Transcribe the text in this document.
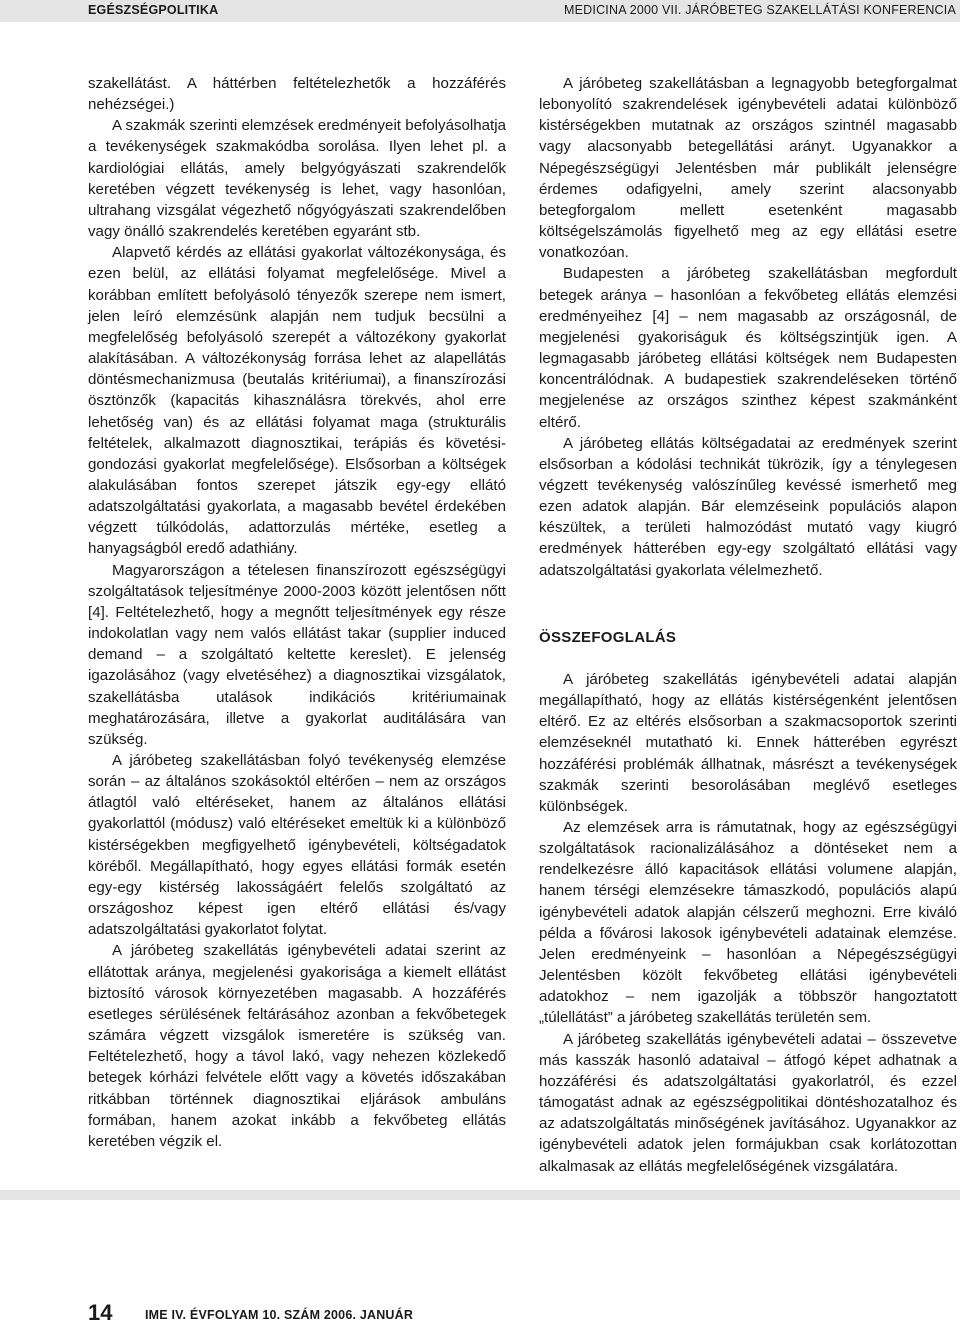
EGÉSZSÉGPOLITIKA	MEDICINA 2000 VII. JÁRÓBETEG SZAKELLÁTÁSI KONFERENCIA

szakellátást. A háttérben feltételezhetők a hozzáférés nehézségei.)

A szakmák szerinti elemzések eredményeit befolyásolhatja a tevékenységek szakmakódba sorolása. Ilyen lehet pl. a kardiológiai ellátás, amely belgyógyászati szakrendelők keretében végzett tevékenység is lehet, vagy hasonlóan, ultrahang vizsgálat végezhető nőgyógyászati szakrendelőben vagy önálló szakrendelés keretében egyaránt stb.

Alapvető kérdés az ellátási gyakorlat változékonysága, és ezen belül, az ellátási folyamat megfelelősége. Mivel a korábban említett befolyásoló tényezők szerepe nem ismert, jelen leíró elemzésünk alapján nem tudjuk becsülni a megfelelőség befolyásoló szerepét a változékony gyakorlat alakításában. A változékonyság forrása lehet az alapellátás döntésmechanizmusa (beutalás kritériumai), a finanszírozási ösztönzők (kapacitás kihasználásra törekvés, ahol erre lehetőség van) és az ellátási folyamat maga (strukturális feltételek, alkalmazott diagnosztikai, terápiás és követési-gondozási gyakorlat megfelelősége). Elsősorban a költségek alakulásában fontos szerepet játszik egy-egy ellátó adatszolgáltatási gyakorlata, a magasabb bevétel érdekében végzett túlkódolás, adattorzulás mértéke, esetleg a hanyagságból eredő adathiány.

Magyarországon a tételesen finanszírozott egészségügyi szolgáltatások teljesítménye 2000-2003 között jelentősen nőtt [4]. Feltételezhető, hogy a megnőtt teljesítmények egy része indokolatlan vagy nem valós ellátást takar (supplier induced demand – a szolgáltató keltette kereslet). E jelenség igazolásához (vagy elvetéséhez) a diagnosztikai vizsgálatok, szakellátásba utalások indikációs kritériumainak meghatározására, illetve a gyakorlat auditálására van szükség.

A járóbeteg szakellátásban folyó tevékenység elemzése során – az általános szokásoktól eltérően – nem az országos átlagtól való eltéréseket, hanem az általános ellátási gyakorlattól (módusz) való eltéréseket emeltük ki a különböző kistérségekben megfigyelhető igénybevételi, költségadatok köréből. Megállapítható, hogy egyes ellátási formák esetén egy-egy kistérség lakosságáért felelős szolgáltató az országoshoz képest igen eltérő ellátási és/vagy adatszolgáltatási gyakorlatot folytat.

A járóbeteg szakellátás igénybevételi adatai szerint az ellátottak aránya, megjelenési gyakorisága a kiemelt ellátást biztosító városok környezetében magasabb. A hozzáférés esetleges sérülésének feltárásához azonban a fekvőbetegek számára végzett vizsgálok ismeretére is szükség van. Feltételezhető, hogy a távol lakó, vagy nehezen közlekedő betegek kórházi felvétele előtt vagy a követés időszakában ritkábban történnek diagnosztikai eljárások ambuláns formában, hanem azokat inkább a fekvőbeteg ellátás keretében végzik el.

A járóbeteg szakellátásban a legnagyobb betegforgalmat lebonyolító szakrendelések igénybevételi adatai különböző kistérségekben mutatnak az országos szintnél magasabb vagy alacsonyabb betegellátási arányt. Ugyanakkor a Népegészségügyi Jelentésben már publikált jelenségre érdemes odafigyelni, amely szerint alacsonyabb betegforgalom mellett esetenként magasabb költségelszámolás figyelhető meg az egy ellátási esetre vonatkozóan.

Budapesten a járóbeteg szakellátásban megfordult betegek aránya – hasonlóan a fekvőbeteg ellátás elemzési eredményeihez [4] – nem magasabb az országosnál, de megjelenési gyakoriságuk és költségszintjük igen. A legmagasabb járóbeteg ellátási költségek nem Budapesten koncentrálódnak. A budapestiek szakrendeléseken történő megjelenése az országos szinthez képest szakmánként eltérő.

A járóbeteg ellátás költségadatai az eredmények szerint elsősorban a kódolási technikát tükrözik, így a ténylegesen végzett tevékenység valószínűleg kevéssé ismerhető meg ezen adatok alapján. Bár elemzéseink populációs alapon készültek, a területi halmozódást mutató vagy kiugró eredmények hátterében egy-egy szolgáltató ellátási vagy adatszolgáltatási gyakorlata vélelmezhető.

ÖSSZEFOGLALÁS

A járóbeteg szakellátás igénybevételi adatai alapján megállapítható, hogy az ellátás kistérségenként jelentősen eltérő. Ez az eltérés elsősorban a szakmacsoportok szerinti elemzéseknél mutatható ki. Ennek hátterében egyrészt hozzáférési problémák állhatnak, másrészt a tevékenységek szakmák szerinti besorolásában meglévő esetleges különbségek.

Az elemzések arra is rámutatnak, hogy az egészségügyi szolgáltatások racionalizálásához a döntéseket nem a rendelkezésre álló kapacitások ellátási volumene alapján, hanem térségi elemzésekre támaszkodó, populációs alapú igénybevételi adatok alapján célszerű meghozni. Erre kiváló példa a fővárosi lakosok igénybevételi adatainak elemzése. Jelen eredményeink – hasonlóan a Népegészségügyi Jelentésben közölt fekvőbeteg ellátási igénybevételi adatokhoz – nem igazolják a többször hangoztatott „túlellátást” a járóbeteg szakellátás területén sem.

A járóbeteg szakellátás igénybevételi adatai – összevetve más kasszák hasonló adataival – átfogó képet adhatnak a hozzáférési és adatszolgáltatási gyakorlatról, és ezzel támogatást adnak az egészségpolitikai döntéshozatalhoz és az adatszolgáltatás minőségének javításához. Ugyanakkor az igénybevételi adatok jelen formájukban csak korlátozottan alkalmasak az ellátás megfelelőségének vizsgálatára.

14	IME IV. ÉVFOLYAM 10. SZÁM 2006. JANUÁR
